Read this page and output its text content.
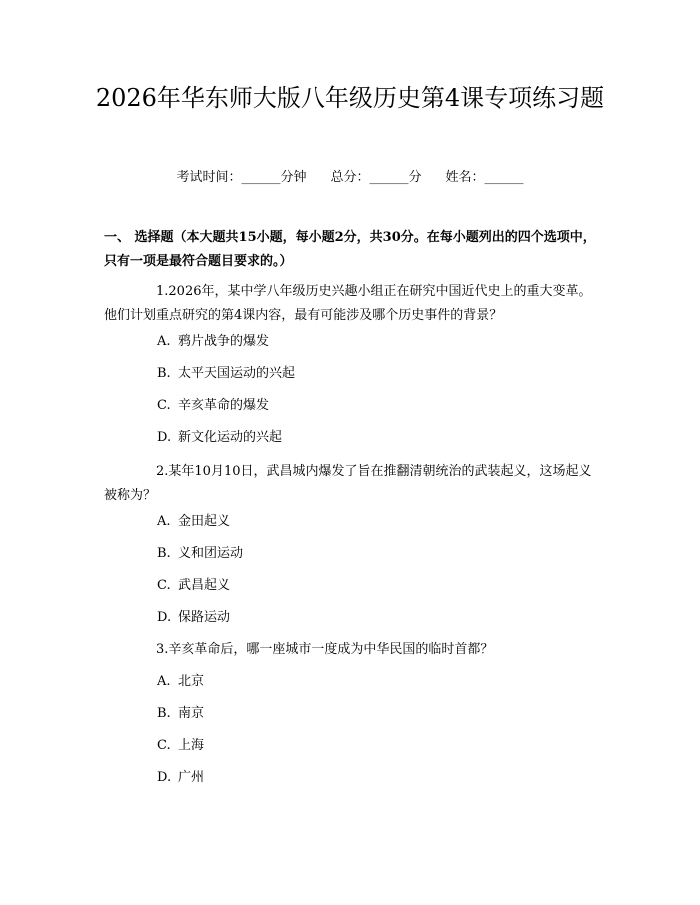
2026年华东师大版八年级历史第4课专项练习题
考试时间：______分钟 总分：______分 姓名：______
一、 选择题（本大题共15小题，每小题2分，共30分。在每小题列出的四个选项中，只有一项是最符合题目要求的。）
1.2026年，某中学八年级历史兴趣小组正在研究中国近代史上的重大变革。他们计划重点研究的第4课内容，最有可能涉及哪个历史事件的背景？
A. 鸦片战争的爆发
B. 太平天国运动的兴起
C. 辛亥革命的爆发
D. 新文化运动的兴起
2.某年10月10日，武昌城内爆发了旨在推翻清朝统治的武装起义，这场起义被称为？
A. 金田起义
B. 义和团运动
C. 武昌起义
D. 保路运动
3.辛亥革命后，哪一座城市一度成为中华民国的临时首都？
A. 北京
B. 南京
C. 上海
D. 广州
